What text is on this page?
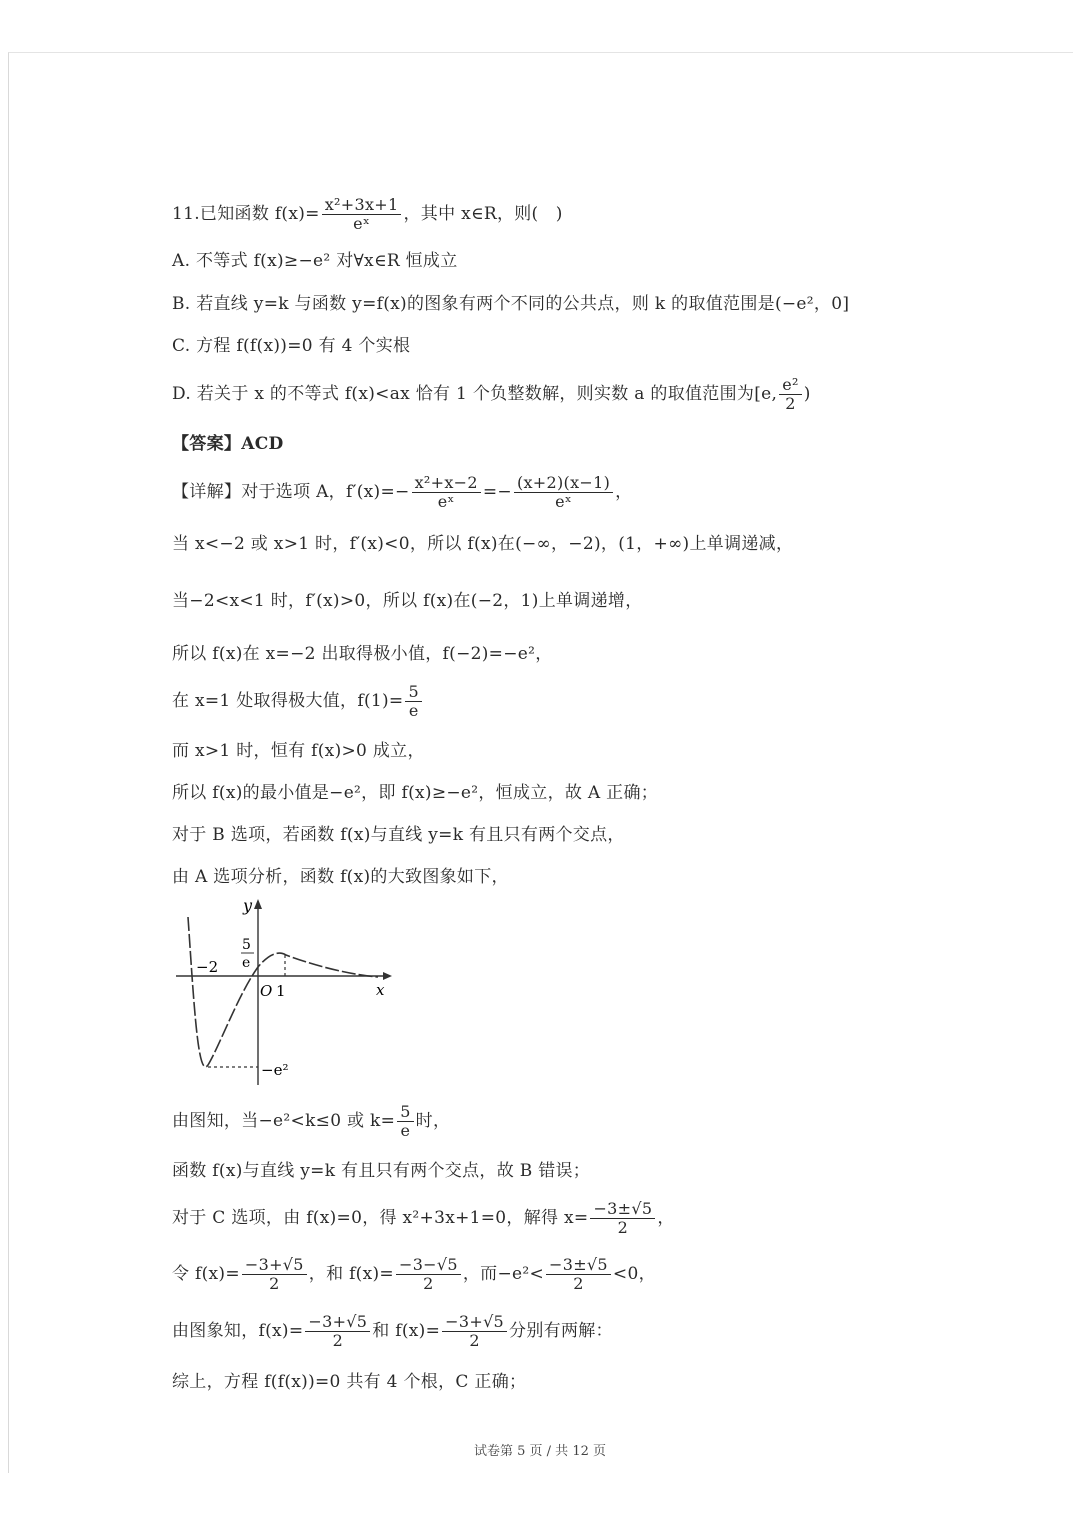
11.已知函数 $f(x)= \frac{\text{x²+3x+1}}{\text{eˣ}}$ ，其中 x∈R，则(　)
A. 不等式 f(x)≥−e² 对∀x∈R 恒成立
B. 若直线 y=k 与函数 y=f(x)的图象有两个不同的公共点，则 k 的取值范围是(−e²，0]
C. 方程 f(f(x))=0 有 4 个实根
D. 若关于 x 的不等式 f(x)<ax 恰有 1 个负整数解，则实数 a 的取值范围为[e, $\frac{\text{e²}}{2}$ )
【答案】ACD
【详解】对于选项 A，$f'(x)=- \frac{\text{x²+x−2}}{\text{eˣ}} =- \frac{(x+2)(x-1)}{\text{eˣ}}$ ，
当 x<−2 或 x>1 时，f′(x)<0，所以 f(x)在(−∞，−2)，(1，+∞)上单调递减，
当−2<x<1 时，f′(x)>0，所以 f(x)在(−2，1)上单调递增，
所以 f(x)在 x=−2 出取得极小值，f(−2)=−e²，
在 x=1 处取得极大值，$f(1)= \frac{5}{e}$
而 x>1 时，恒有 f(x)>0 成立，
所以 f(x)的最小值是−e²，即 f(x)≥−e²，恒成立，故 A 正确；
对于 B 选项，若函数 f(x)与直线 y=k 有且只有两个交点，
由 A 选项分析，函数 f(x)的大致图象如下，
y
x
O 1
−2
5
e
−e²
由图知，当−e²<k≤0 或 $k= \frac{5}{e}$ 时，
函数 f(x)与直线 y=k 有且只有两个交点，故 B 错误；
对于 C 选项，由 f(x)=0，得 x²+3x+1=0，解得 $x= \frac{-3\pm√5}{2}$ ，
令 $f(x)= \frac{-3+√5}{2}$ ，和 $f(x)= \frac{-3-√5}{2}$ ，而$-e^2< \frac{-3\pm√5}{2} <0$，
由图象知，$f(x)= \frac{-3+√5}{2}$ 和 $f(x)= \frac{-3+√5}{2}$ 分别有两解：
综上，方程 f(f(x))=0 共有 4 个根，C 正确；
试卷第 5 页 / 共 12 页
